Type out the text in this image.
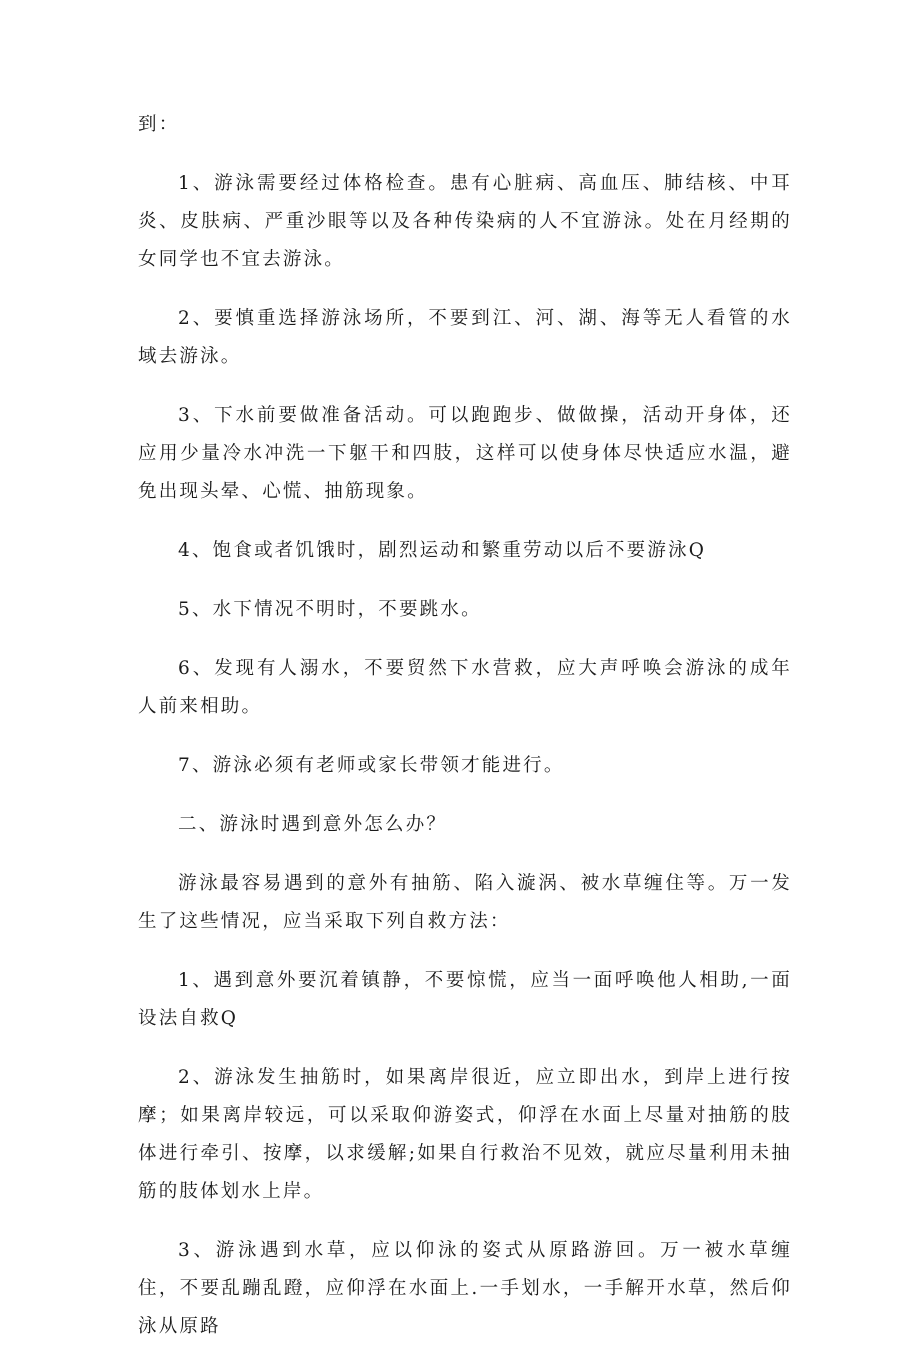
到：

1、游泳需要经过体格检查。患有心脏病、高血压、肺结核、中耳炎、皮肤病、严重沙眼等以及各种传染病的人不宜游泳。处在月经期的女同学也不宜去游泳。

2、要慎重选择游泳场所，不要到江、河、湖、海等无人看管的水域去游泳。

3、下水前要做准备活动。可以跑跑步、做做操，活动开身体，还应用少量冷水冲洗一下躯干和四肢，这样可以使身体尽快适应水温，避免出现头晕、心慌、抽筋现象。

4、饱食或者饥饿时，剧烈运动和繁重劳动以后不要游泳Q

5、水下情况不明时，不要跳水。

6、发现有人溺水，不要贸然下水营救，应大声呼唤会游泳的成年人前来相助。

7、游泳必须有老师或家长带领才能进行。

二、游泳时遇到意外怎么办？

游泳最容易遇到的意外有抽筋、陷入漩涡、被水草缠住等。万一发生了这些情况，应当采取下列自救方法：

1、遇到意外要沉着镇静，不要惊慌，应当一面呼唤他人相助,一面设法自救Q

2、游泳发生抽筋时，如果离岸很近，应立即出水，到岸上进行按摩；如果离岸较远，可以采取仰游姿式，仰浮在水面上尽量对抽筋的肢体进行牵引、按摩，以求缓解;如果自行救治不见效，就应尽量利用未抽筋的肢体划水上岸。

3、游泳遇到水草，应以仰泳的姿式从原路游回。万一被水草缠住，不要乱蹦乱蹬，应仰浮在水面上.一手划水，一手解开水草，然后仰泳从原路
